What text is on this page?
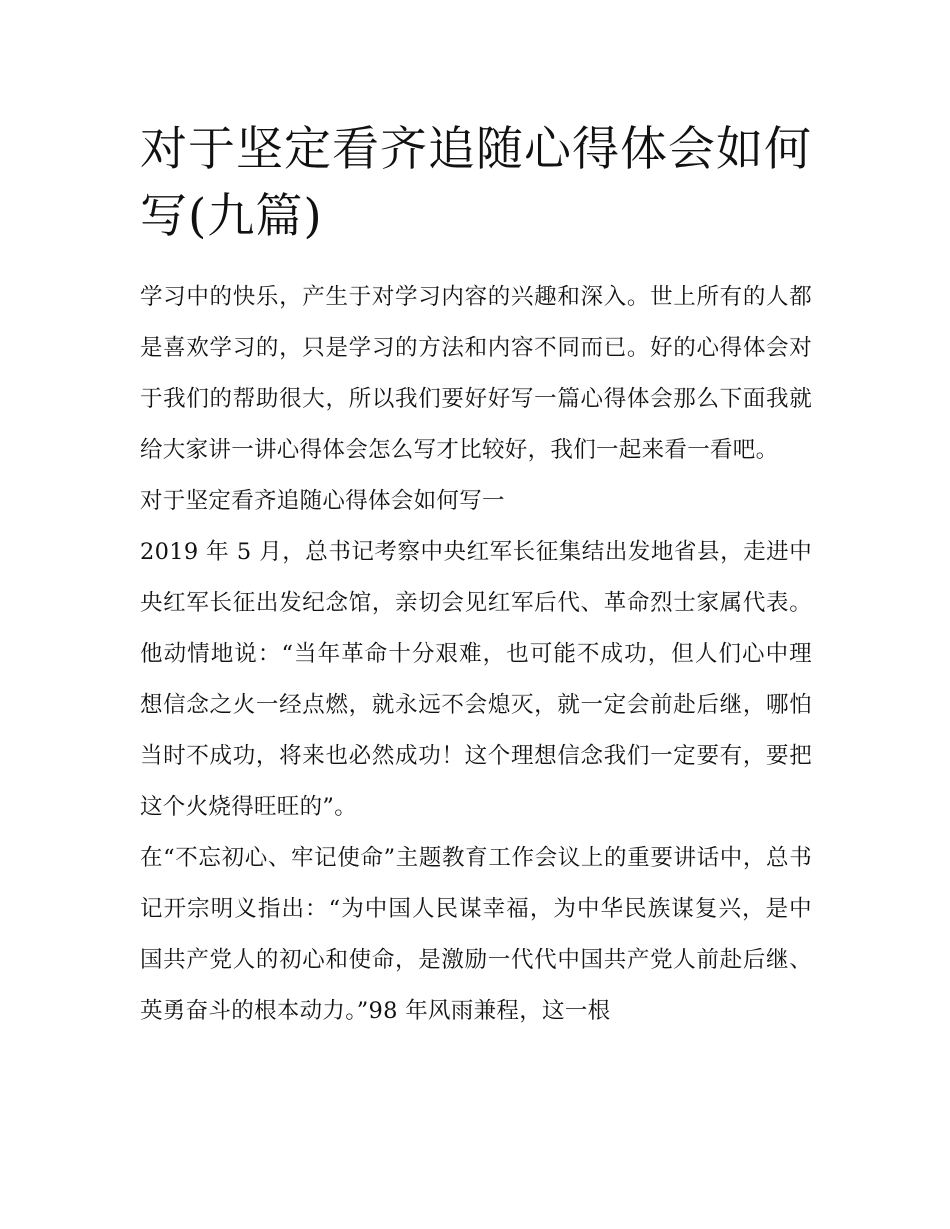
对于坚定看齐追随心得体会如何写(九篇)

学习中的快乐，产生于对学习内容的兴趣和深入。世上所有的人都是喜欢学习的，只是学习的方法和内容不同而已。好的心得体会对于我们的帮助很大，所以我们要好好写一篇心得体会那么下面我就给大家讲一讲心得体会怎么写才比较好，我们一起来看一看吧。

对于坚定看齐追随心得体会如何写一

2019 年 5 月，总书记考察中央红军长征集结出发地省县，走进中央红军长征出发纪念馆，亲切会见红军后代、革命烈士家属代表。他动情地说：“当年革命十分艰难，也可能不成功，但人们心中理想信念之火一经点燃，就永远不会熄灭，就一定会前赴后继，哪怕当时不成功，将来也必然成功！这个理想信念我们一定要有，要把这个火烧得旺旺的”。

在“不忘初心、牢记使命”主题教育工作会议上的重要讲话中，总书记开宗明义指出：“为中国人民谋幸福，为中华民族谋复兴，是中国共产党人的初心和使命，是激励一代代中国共产党人前赴后继、英勇奋斗的根本动力。”98 年风雨兼程，这一根
